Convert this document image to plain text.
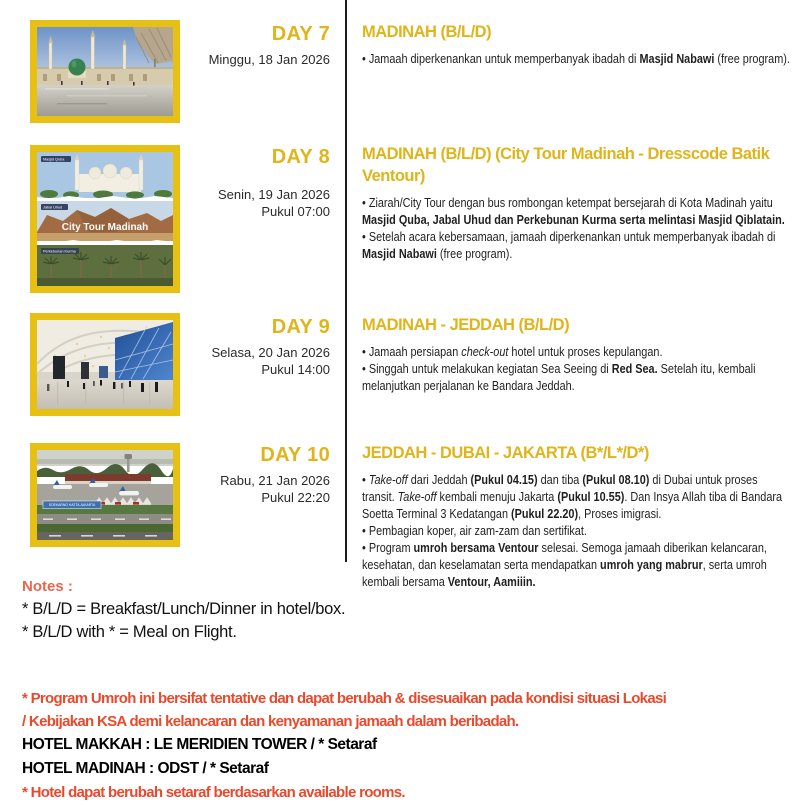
DAY 7
Minggu, 18 Jan 2026
MADINAH (B/L/D)
• Jamaah diperkenankan untuk memperbanyak ibadah di Masjid Nabawi (free program).
Masjid Quba
Jabal Uhud
City Tour Madinah
Perkebunan Kurma
DAY 8
Senin, 19 Jan 2026
Pukul 07:00
MADINAH (B/L/D) (City Tour Madinah - Dresscode Batik Ventour)
• Ziarah/City Tour dengan bus rombongan ketempat bersejarah di Kota Madinah yaitu Masjid Quba, Jabal Uhud dan Perkebunan Kurma serta melintasi Masjid Qiblatain.
• Setelah acara kebersamaan, jamaah diperkenankan untuk memperbanyak ibadah di Masjid Nabawi (free program).
DAY 9
Selasa, 20 Jan 2026
Pukul 14:00
MADINAH - JEDDAH (B/L/D)
• Jamaah persiapan check-out hotel untuk proses kepulangan.
• Singgah untuk melakukan kegiatan Sea Seeing di Red Sea. Setelah itu, kembali melanjutkan perjalanan ke Bandara Jeddah.
SOEKARNO HATTA JAKARTA
DAY 10
Rabu, 21 Jan 2026
Pukul 22:20
JEDDAH - DUBAI - JAKARTA (B*/L*/D*)
• Take-off dari Jeddah (Pukul 04.15) dan tiba (Pukul 08.10) di Dubai untuk proses transit. Take-off kembali menuju Jakarta (Pukul 10.55). Dan Insya Allah tiba di Bandara Soetta Terminal 3 Kedatangan (Pukul 22.20), Proses imigrasi.
• Pembagian koper, air zam-zam dan sertifikat.
• Program umroh bersama Ventour selesai. Semoga jamaah diberikan kelancaran, kesehatan, dan keselamatan serta mendapatkan umroh yang mabrur, serta umroh kembali bersama Ventour, Aamiiin.
Notes :
* B/L/D = Breakfast/Lunch/Dinner in hotel/box.
* B/L/D with * = Meal on Flight.
* Program Umroh ini bersifat tentative dan dapat berubah & disesuaikan pada kondisi situasi Lokasi
/ Kebijakan KSA demi kelancaran dan kenyamanan jamaah dalam beribadah.
HOTEL MAKKAH : LE MERIDIEN TOWER / * Setaraf
HOTEL MADINAH : ODST / * Setaraf
* Hotel dapat berubah setaraf berdasarkan available rooms.
